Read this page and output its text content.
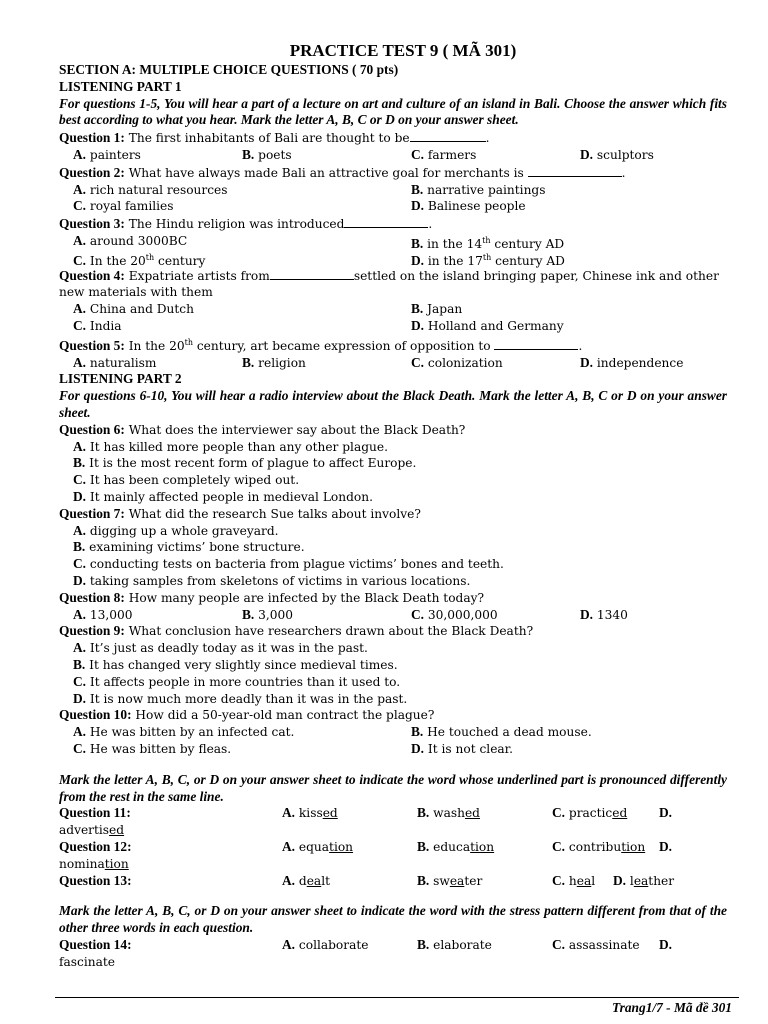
PRACTICE TEST 9 ( MÃ 301)
SECTION A: MULTIPLE CHOICE QUESTIONS ( 70 pts)
LISTENING PART 1
For questions 1-5, You will hear a part of a lecture on art and culture of an island in Bali. Choose the answer which fits best according to what you hear. Mark the letter A, B, C or D on your answer sheet.
Question 1: The first inhabitants of Bali are thought to be	.
A. painters	B. poets	C. farmers	D. sculptors
Question 2: What have always made Bali an attractive goal for merchants is	.
A. rich natural resources	B. narrative paintings
C. royal families	D. Balinese people
Question 3: The Hindu religion was introduced	.
A. around 3000BC	B. in the 14th century AD
C. In the 20th century	D. in the 17th century AD
Question 4: Expatriate artists from	settled on the island bringing paper, Chinese ink and other new materials with them
A. China and Dutch	B. Japan
C. India	D. Holland and Germany
Question 5: In the 20th century, art became expression of opposition to	.
A. naturalism	B. religion	C. colonization	D. independence
LISTENING PART 2
For questions 6-10, You will hear a radio interview about the Black Death. Mark the letter A, B, C or D on your answer sheet.
Question 6: What does the interviewer say about the Black Death?
A. It has killed more people than any other plague.
B. It is the most recent form of plague to affect Europe.
C. It has been completely wiped out.
D. It mainly affected people in medieval London.
Question 7: What did the research Sue talks about involve?
A. digging up a whole graveyard.
B. examining victims’ bone structure.
C. conducting tests on bacteria from plague victims’ bones and teeth.
D. taking samples from skeletons of victims in various locations.
Question 8: How many people are infected by the Black Death today?
A. 13,000	B. 3,000	C. 30,000,000	D. 1340
Question 9: What conclusion have researchers drawn about the Black Death?
A. It’s just as deadly today as it was in the past.
B. It has changed very slightly since medieval times.
C. It affects people in more countries than it used to.
D. It is now much more deadly than it was in the past.
Question 10: How did a 50-year-old man contract the plague?
A. He was bitten by an infected cat.	B. He touched a dead mouse.
C. He was bitten by fleas.	D. It is not clear.
Mark the letter A, B, C, or D on your answer sheet to indicate the word whose underlined part is pronounced differently from the rest in the same line.
Question 11:	A. kissed	B. washed	C. practiced D.
advertised
Question 12:	A. equation	B. education	C. contribution D.
nomination
Question 13:	A. dealt	B. sweater	C. heal D. leather
Mark the letter A, B, C, or D on your answer sheet to indicate the word with the stress pattern different from that of the other three words in each question.
Question 14:	A. collaborate	B. elaborate	C. assassinate D.
fascinate
Trang1/7 - Mã đề 301
